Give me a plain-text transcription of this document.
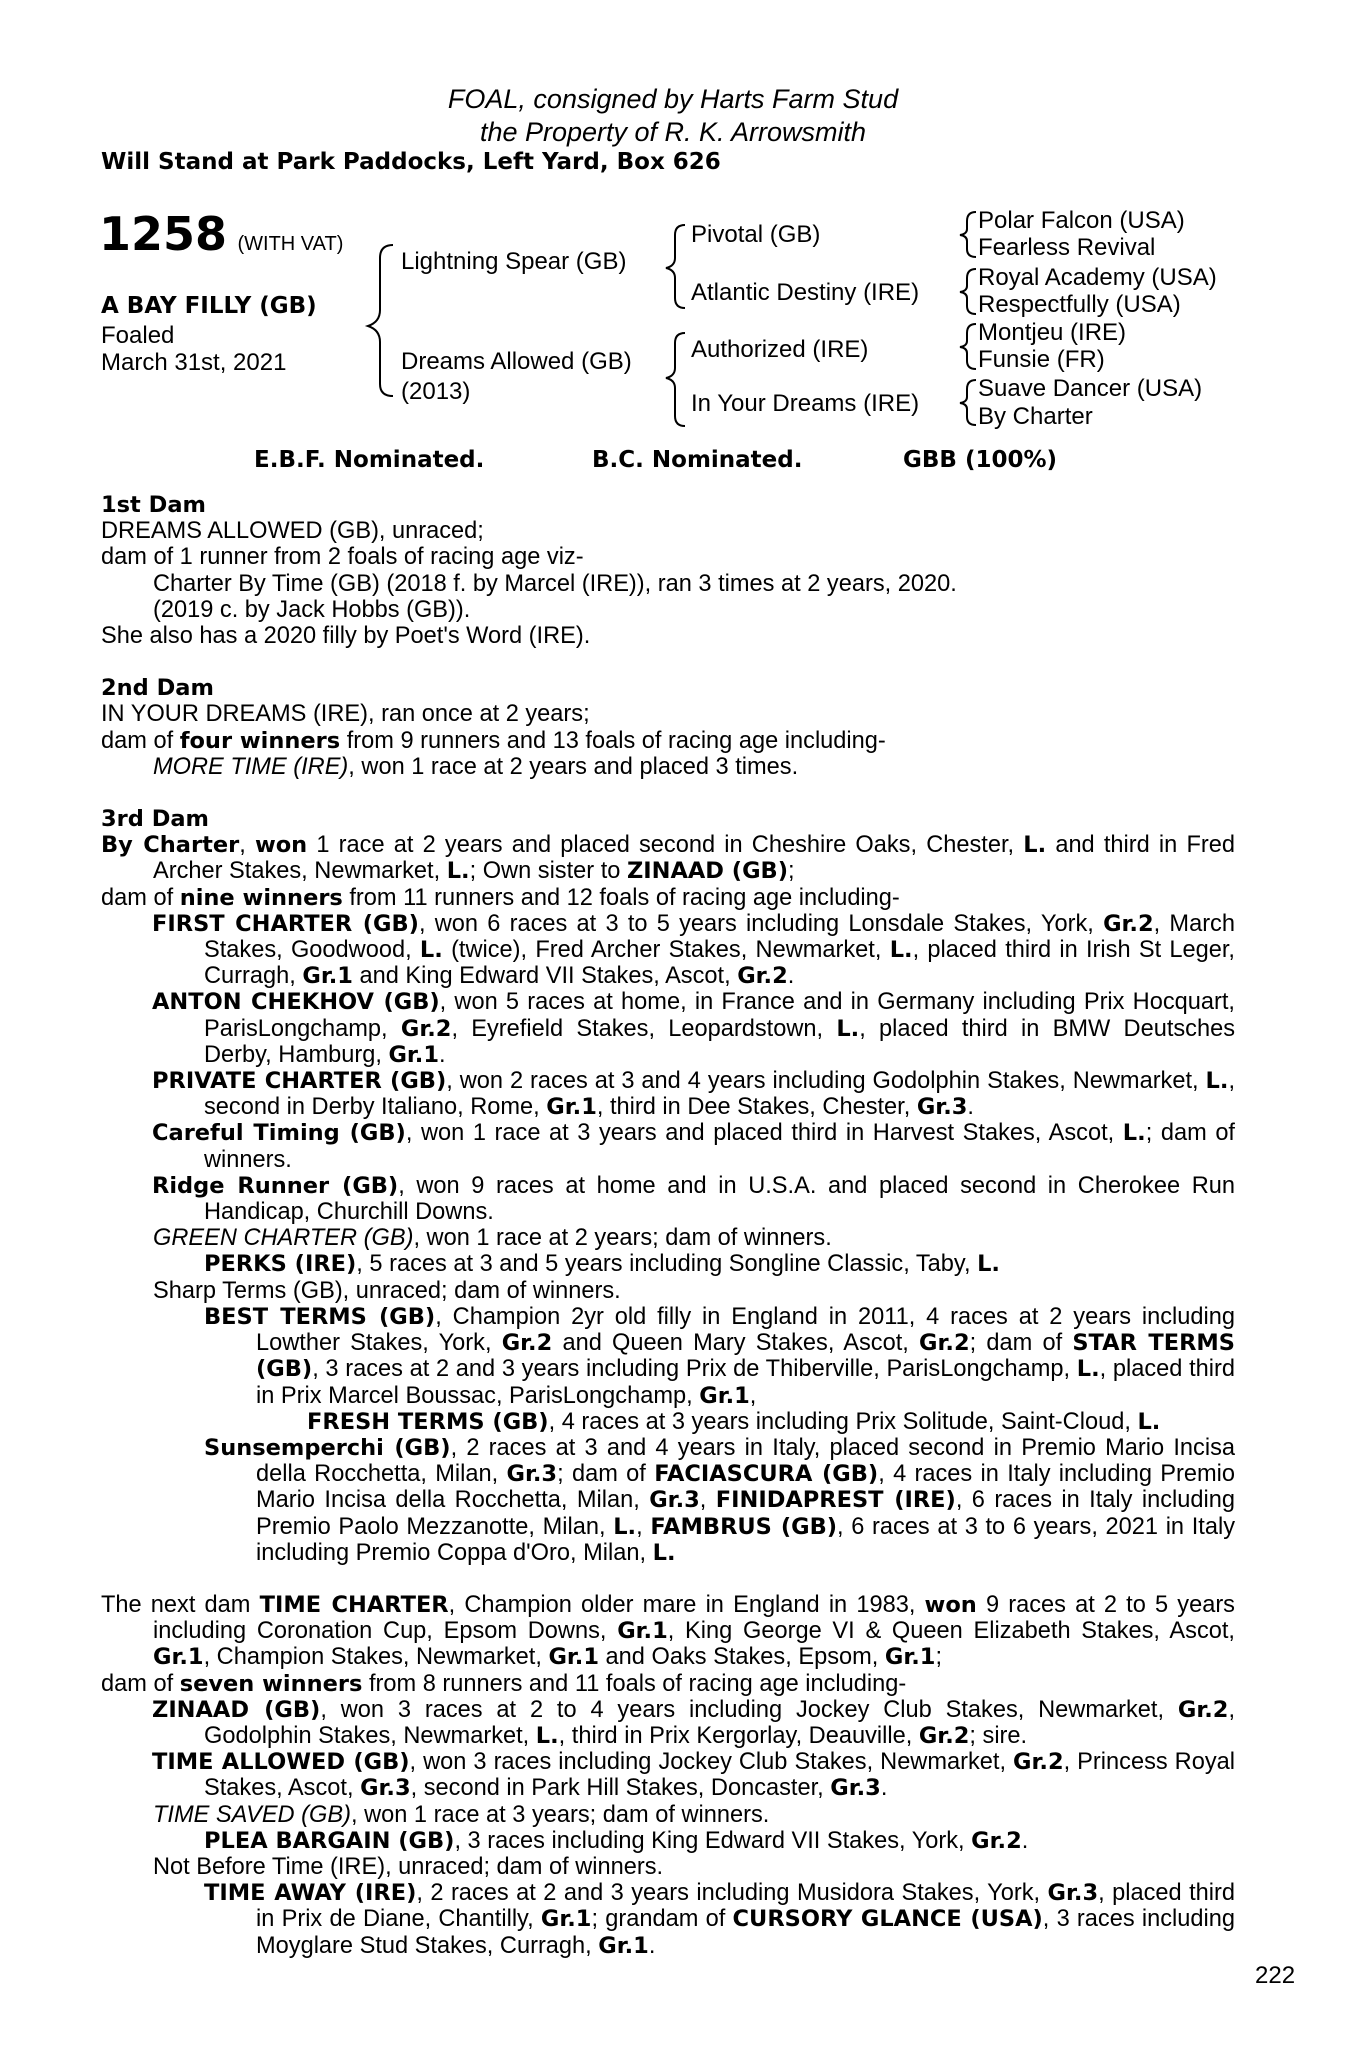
FOAL, consigned by Harts Farm Stud
the Property of R. K. Arrowsmith
Will Stand at Park Paddocks, Left Yard, Box 626
1258 (WITH VAT)
A BAY FILLY (GB)
Foaled
March 31st, 2021
Lightning Spear (GB)
Dreams Allowed (GB)
(2013)
Pivotal (GB)
Atlantic Destiny (IRE)
Authorized (IRE)
In Your Dreams (IRE)
Polar Falcon (USA)
Fearless Revival
Royal Academy (USA)
Respectfully (USA)
Montjeu (IRE)
Funsie (FR)
Suave Dancer (USA)
By Charter
E.B.F. Nominated.	B.C. Nominated.	GBB (100%)

1st Dam

DREAMS ALLOWED (GB), unraced;

dam of 1 runner from 2 foals of racing age viz-

Charter By Time (GB) (2018 f. by Marcel (IRE)), ran 3 times at 2 years, 2020.

(2019 c. by Jack Hobbs (GB)).

She also has a 2020 filly by Poet's Word (IRE).

2nd Dam

IN YOUR DREAMS (IRE), ran once at 2 years;

dam of four winners from 9 runners and 13 foals of racing age including-

MORE TIME (IRE), won 1 race at 2 years and placed 3 times.

3rd Dam

By Charter, won 1 race at 2 years and placed second in Cheshire Oaks, Chester, L. and third in Fred Archer Stakes, Newmarket, L.; Own sister to ZINAAD (GB);

dam of nine winners from 11 runners and 12 foals of racing age including-

FIRST CHARTER (GB), won 6 races at 3 to 5 years including Lonsdale Stakes, York, Gr.2, March Stakes, Goodwood, L. (twice), Fred Archer Stakes, Newmarket, L., placed third in Irish St Leger, Curragh, Gr.1 and King Edward VII Stakes, Ascot, Gr.2.

ANTON CHEKHOV (GB), won 5 races at home, in France and in Germany including Prix Hocquart, ParisLongchamp, Gr.2, Eyrefield Stakes, Leopardstown, L., placed third in BMW Deutsches Derby, Hamburg, Gr.1.

PRIVATE CHARTER (GB), won 2 races at 3 and 4 years including Godolphin Stakes, Newmarket, L., second in Derby Italiano, Rome, Gr.1, third in Dee Stakes, Chester, Gr.3.

Careful Timing (GB), won 1 race at 3 years and placed third in Harvest Stakes, Ascot, L.; dam of winners.

Ridge Runner (GB), won 9 races at home and in U.S.A. and placed second in Cherokee Run Handicap, Churchill Downs.

GREEN CHARTER (GB), won 1 race at 2 years; dam of winners.

PERKS (IRE), 5 races at 3 and 5 years including Songline Classic, Taby, L.

Sharp Terms (GB), unraced; dam of winners.

BEST TERMS (GB), Champion 2yr old filly in England in 2011, 4 races at 2 years including Lowther Stakes, York, Gr.2 and Queen Mary Stakes, Ascot, Gr.2; dam of STAR TERMS (GB), 3 races at 2 and 3 years including Prix de Thiberville, ParisLongchamp, L., placed third in Prix Marcel Boussac, ParisLongchamp, Gr.1,

FRESH TERMS (GB), 4 races at 3 years including Prix Solitude, Saint-Cloud, L.

Sunsemperchi (GB), 2 races at 3 and 4 years in Italy, placed second in Premio Mario Incisa della Rocchetta, Milan, Gr.3; dam of FACIASCURA (GB), 4 races in Italy including Premio Mario Incisa della Rocchetta, Milan, Gr.3, FINIDAPREST (IRE), 6 races in Italy including Premio Paolo Mezzanotte, Milan, L., FAMBRUS (GB), 6 races at 3 to 6 years, 2021 in Italy including Premio Coppa d'Oro, Milan, L.

The next dam TIME CHARTER, Champion older mare in England in 1983, won 9 races at 2 to 5 years including Coronation Cup, Epsom Downs, Gr.1, King George VI & Queen Elizabeth Stakes, Ascot, Gr.1, Champion Stakes, Newmarket, Gr.1 and Oaks Stakes, Epsom, Gr.1;

dam of seven winners from 8 runners and 11 foals of racing age including-

ZINAAD (GB), won 3 races at 2 to 4 years including Jockey Club Stakes, Newmarket, Gr.2, Godolphin Stakes, Newmarket, L., third in Prix Kergorlay, Deauville, Gr.2; sire.

TIME ALLOWED (GB), won 3 races including Jockey Club Stakes, Newmarket, Gr.2, Princess Royal Stakes, Ascot, Gr.3, second in Park Hill Stakes, Doncaster, Gr.3.

TIME SAVED (GB), won 1 race at 3 years; dam of winners.

PLEA BARGAIN (GB), 3 races including King Edward VII Stakes, York, Gr.2.

Not Before Time (IRE), unraced; dam of winners.

TIME AWAY (IRE), 2 races at 2 and 3 years including Musidora Stakes, York, Gr.3, placed third in Prix de Diane, Chantilly, Gr.1; grandam of CURSORY GLANCE (USA), 3 races including Moyglare Stud Stakes, Curragh, Gr.1.

222
